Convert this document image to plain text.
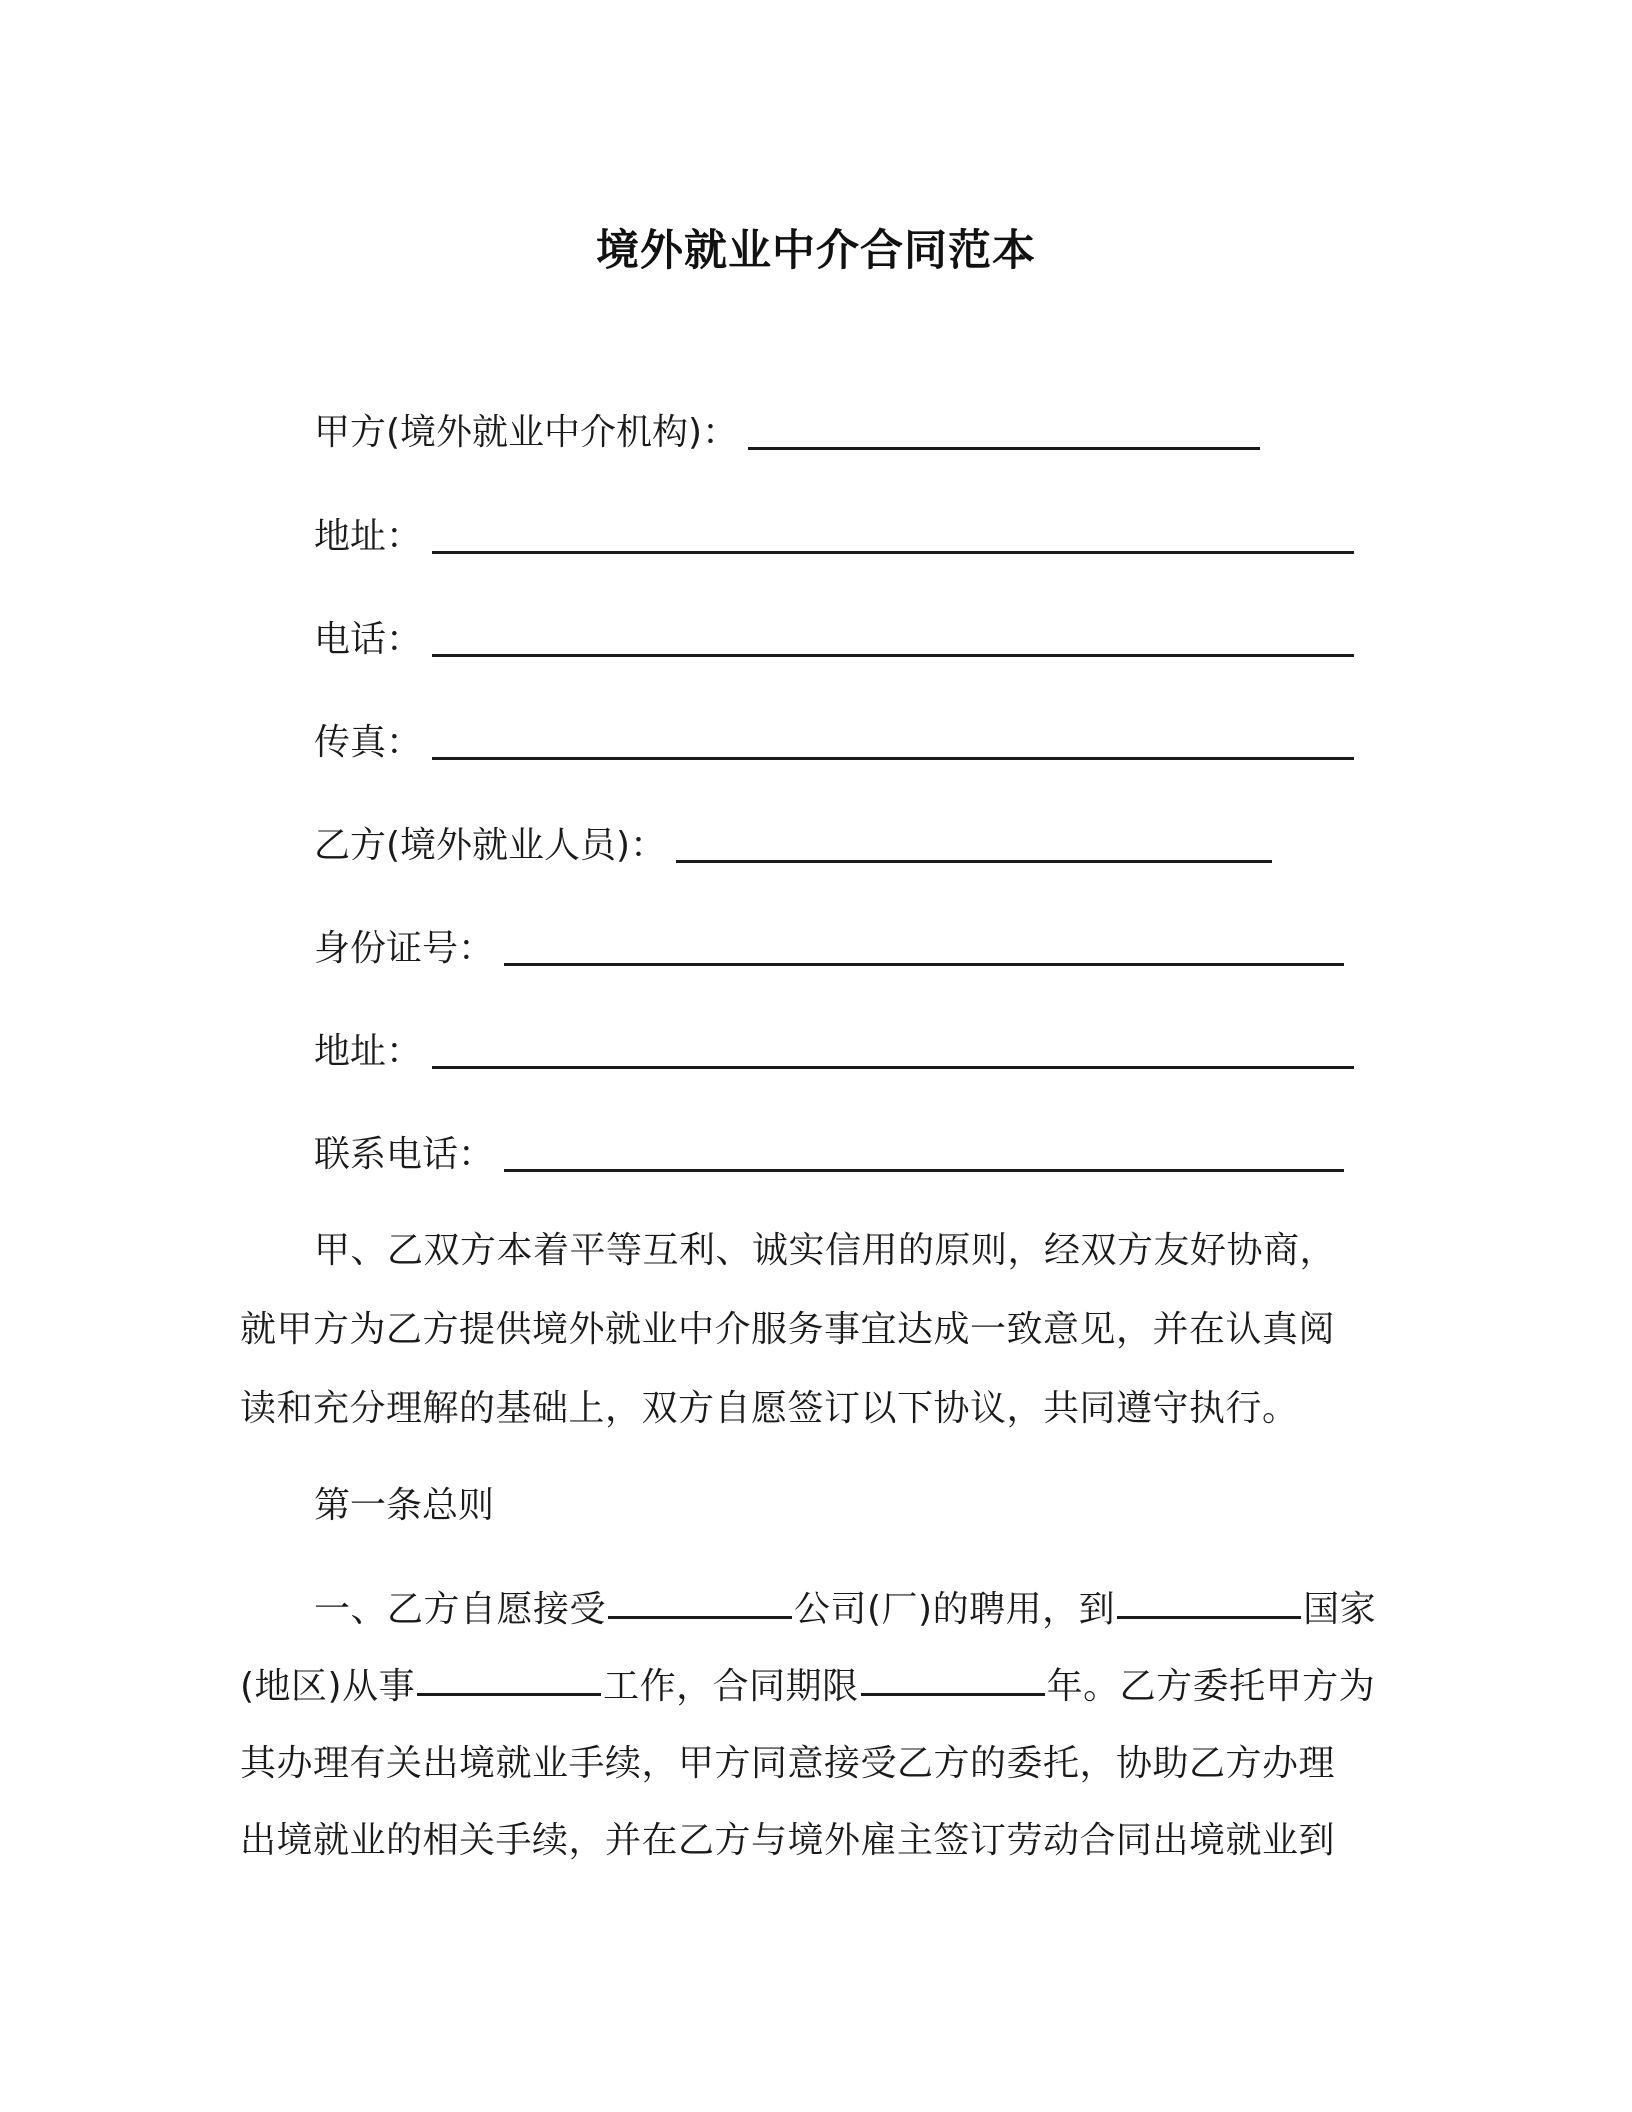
境外就业中介合同范本
甲方(境外就业中介机构)：
地址：
电话：
传真：
乙方(境外就业人员)：
身份证号：
地址：
联系电话：
甲、乙双方本着平等互利、诚实信用的原则，经双方友好协商，
就甲方为乙方提供境外就业中介服务事宜达成一致意见，并在认真阅
读和充分理解的基础上，双方自愿签订以下协议，共同遵守执行。
第一条总则
一、乙方自愿接受	公司(厂)的聘用，到	国家
(地区)从事	工作，合同期限	年。乙方委托甲方为
其办理有关出境就业手续，甲方同意接受乙方的委托，协助乙方办理
出境就业的相关手续，并在乙方与境外雇主签订劳动合同出境就业到
